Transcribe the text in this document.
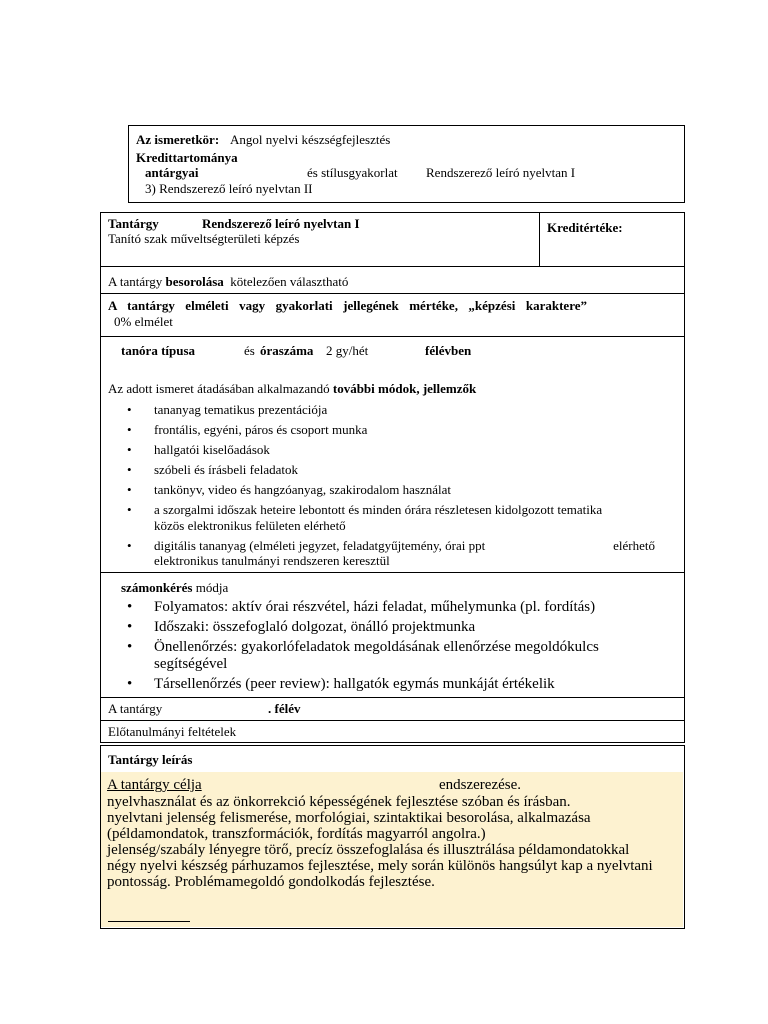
Az ismeretkör: Angol nyelvi készségfejlesztés
Kredittartománya
antárgyai	és stílusgyakorlat Rendszerező leíró nyelvtan I
3) Rendszerező leíró nyelvtan II
Tantárgy	Rendszerező leíró nyelvtan I
Tanító szak műveltségterületi képzés
Kreditértéke:
A tantárgy besorolása kötelezően választható
A tantárgy elméleti vagy gyakorlati jellegének mértéke, „képzési karaktere”
0% elmélet
tanóra típusa	és óraszáma 2 gy/hét	félévben
Az adott ismeret átadásában alkalmazandó további módok, jellemzők
• tananyag tematikus prezentációja
• frontális, egyéni, páros és csoport munka
• hallgatói kiselőadások
• szóbeli és írásbeli feladatok
• tankönyv, video és hangzóanyag, szakirodalom használat
• a szorgalmi időszak heteire lebontott és minden órára részletesen kidolgozott tematika
közös elektronikus felületen elérhető
• digitális tananyag (elméleti jegyzet, feladatgyűjtemény, órai ppt	elérhető

elektronikus tanulmányi rendszeren keresztül
számonkérés módja
• Folyamatos: aktív órai részvétel, házi feladat, műhelymunka (pl. fordítás)
• Időszaki: összefoglaló dolgozat, önálló projektmunka
• Önellenőrzés: gyakorlófeladatok megoldásának ellenőrzése megoldókulcs
segítségével
• Társellenőrzés (peer review): hallgatók egymás munkáját értékelik
A tantárgy	. félév
Előtanulmányi feltételek
Tantárgy leírás
A tantárgy célja	endszerezése.
nyelvhasználat és az önkorrekció képességének fejlesztése szóban és írásban.
nyelvtani jelenség felismerése, morfológiai, szintaktikai besorolása, alkalmazása
(példamondatok, transzformációk, fordítás magyarról angolra.)
jelenség/szabály lényegre törő, precíz összefoglalása és illusztrálása példamondatokkal
négy nyelvi készség párhuzamos fejlesztése, mely során különös hangsúlyt kap a nyelvtani
pontosság. Problémamegoldó gondolkodás fejlesztése.
